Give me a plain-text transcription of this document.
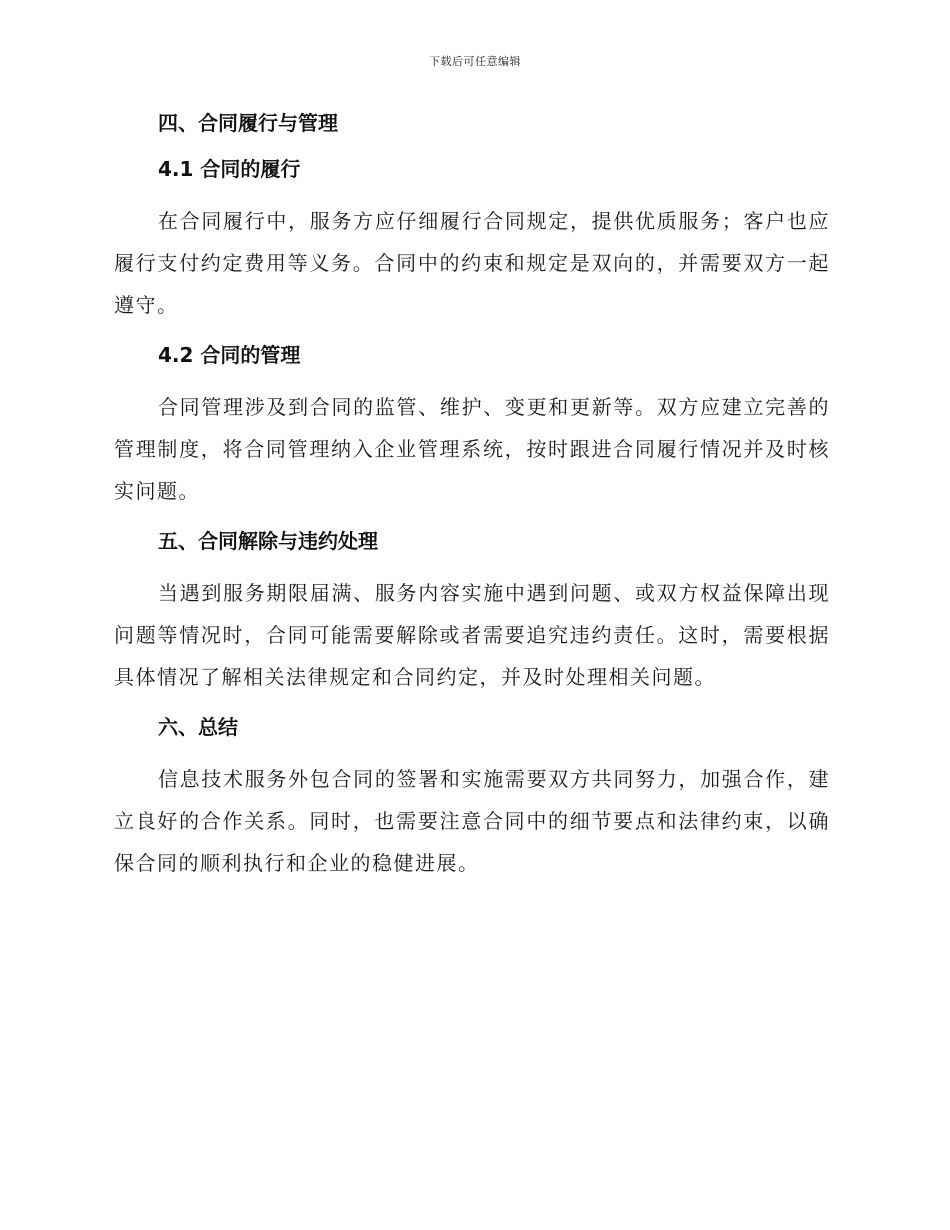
下载后可任意编辑
四、合同履行与管理
4.1 合同的履行

在合同履行中，服务方应仔细履行合同规定，提供优质服务；客户也应履行支付约定费用等义务。合同中的约束和规定是双向的，并需要双方一起遵守。

4.2 合同的管理

合同管理涉及到合同的监管、维护、变更和更新等。双方应建立完善的管理制度，将合同管理纳入企业管理系统，按时跟进合同履行情况并及时核实问题。

五、合同解除与违约处理

当遇到服务期限届满、服务内容实施中遇到问题、或双方权益保障出现问题等情况时，合同可能需要解除或者需要追究违约责任。这时，需要根据具体情况了解相关法律规定和合同约定，并及时处理相关问题。

六、总结

信息技术服务外包合同的签署和实施需要双方共同努力，加强合作，建立良好的合作关系。同时，也需要注意合同中的细节要点和法律约束，以确保合同的顺利执行和企业的稳健进展。
